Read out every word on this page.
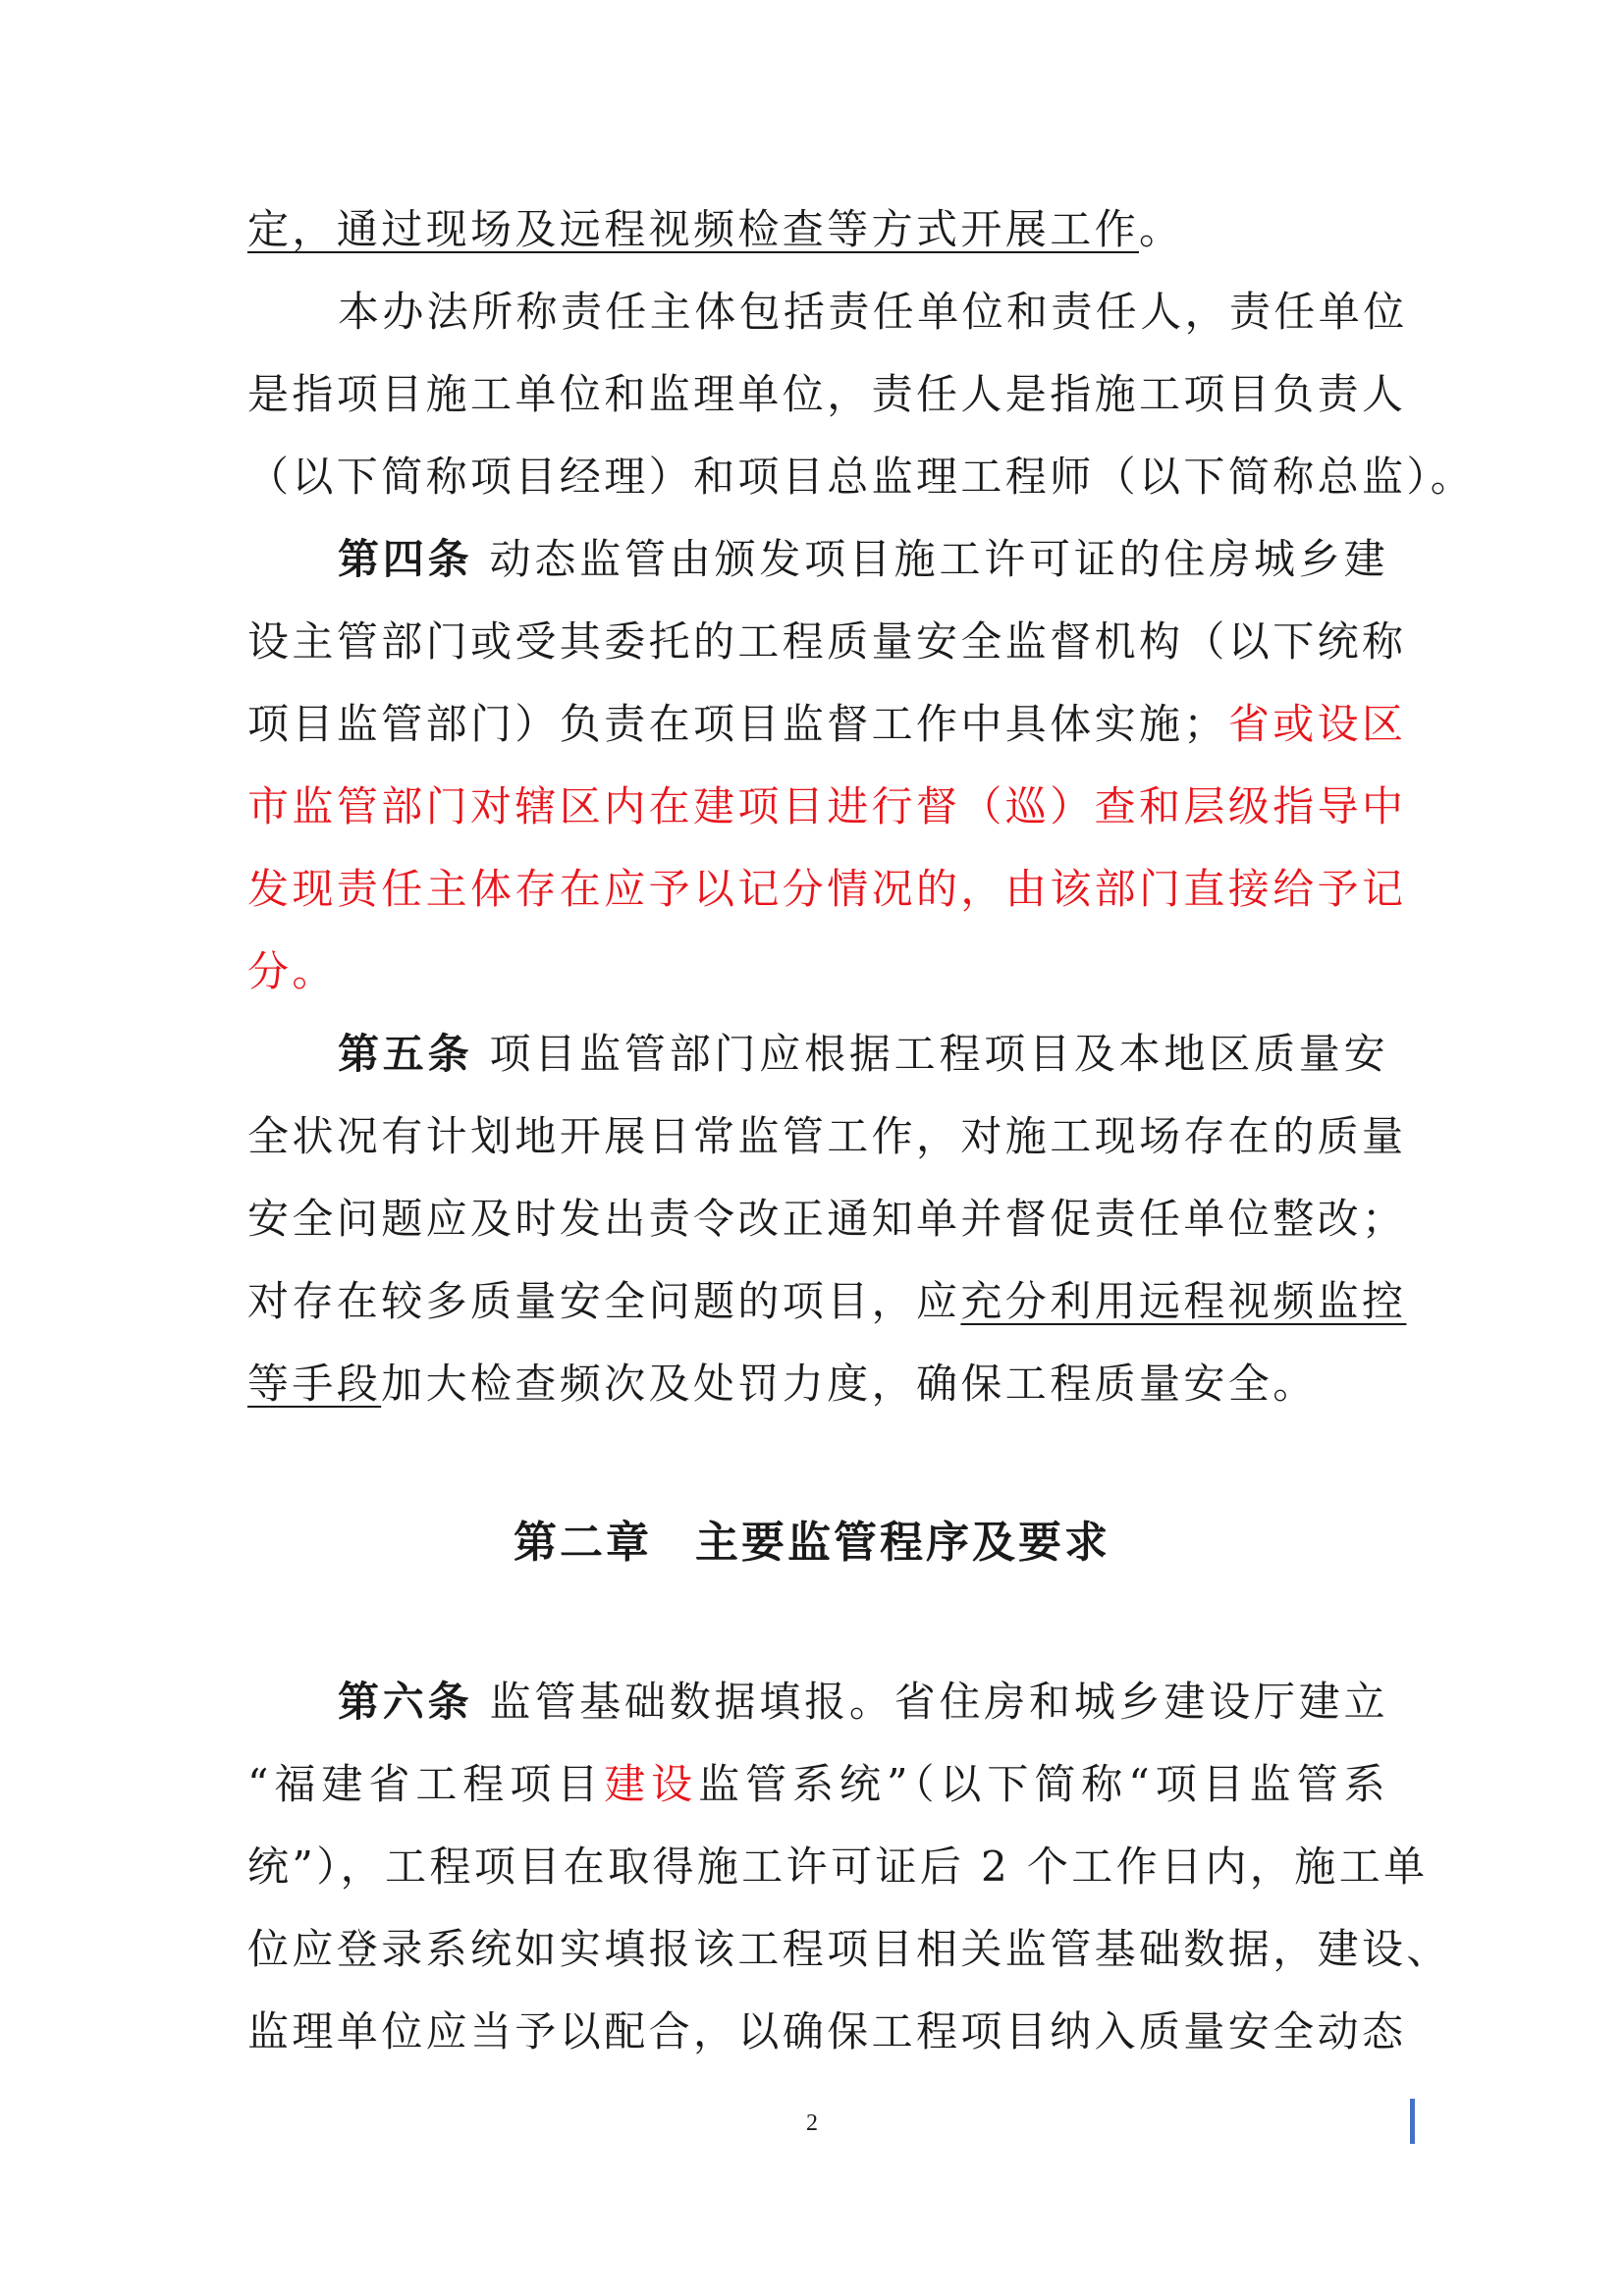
定，通过现场及远程视频检查等方式开展工作。
本办法所称责任主体包括责任单位和责任人，责任单位
是指项目施工单位和监理单位，责任人是指施工项目负责人
（以下简称项目经理）和项目总监理工程师（以下简称总监）。
第四条 动态监管由颁发项目施工许可证的住房城乡建
设主管部门或受其委托的工程质量安全监督机构（以下统称
项目监管部门）负责在项目监督工作中具体实施；省或设区
市监管部门对辖区内在建项目进行督（巡）查和层级指导中
发现责任主体存在应予以记分情况的，由该部门直接给予记
分。
第五条 项目监管部门应根据工程项目及本地区质量安
全状况有计划地开展日常监管工作，对施工现场存在的质量
安全问题应及时发出责令改正通知单并督促责任单位整改；
对存在较多质量安全问题的项目，应充分利用远程视频监控
等手段加大检查频次及处罚力度，确保工程质量安全。
第二章 主要监管程序及要求
第六条 监管基础数据填报。省住房和城乡建设厅建立
“福建省工程项目建设监管系统”（以下简称“项目监管系
统”），工程项目在取得施工许可证后 2 个工作日内，施工单
位应登录系统如实填报该工程项目相关监管基础数据，建设、
监理单位应当予以配合，以确保工程项目纳入质量安全动态
2
